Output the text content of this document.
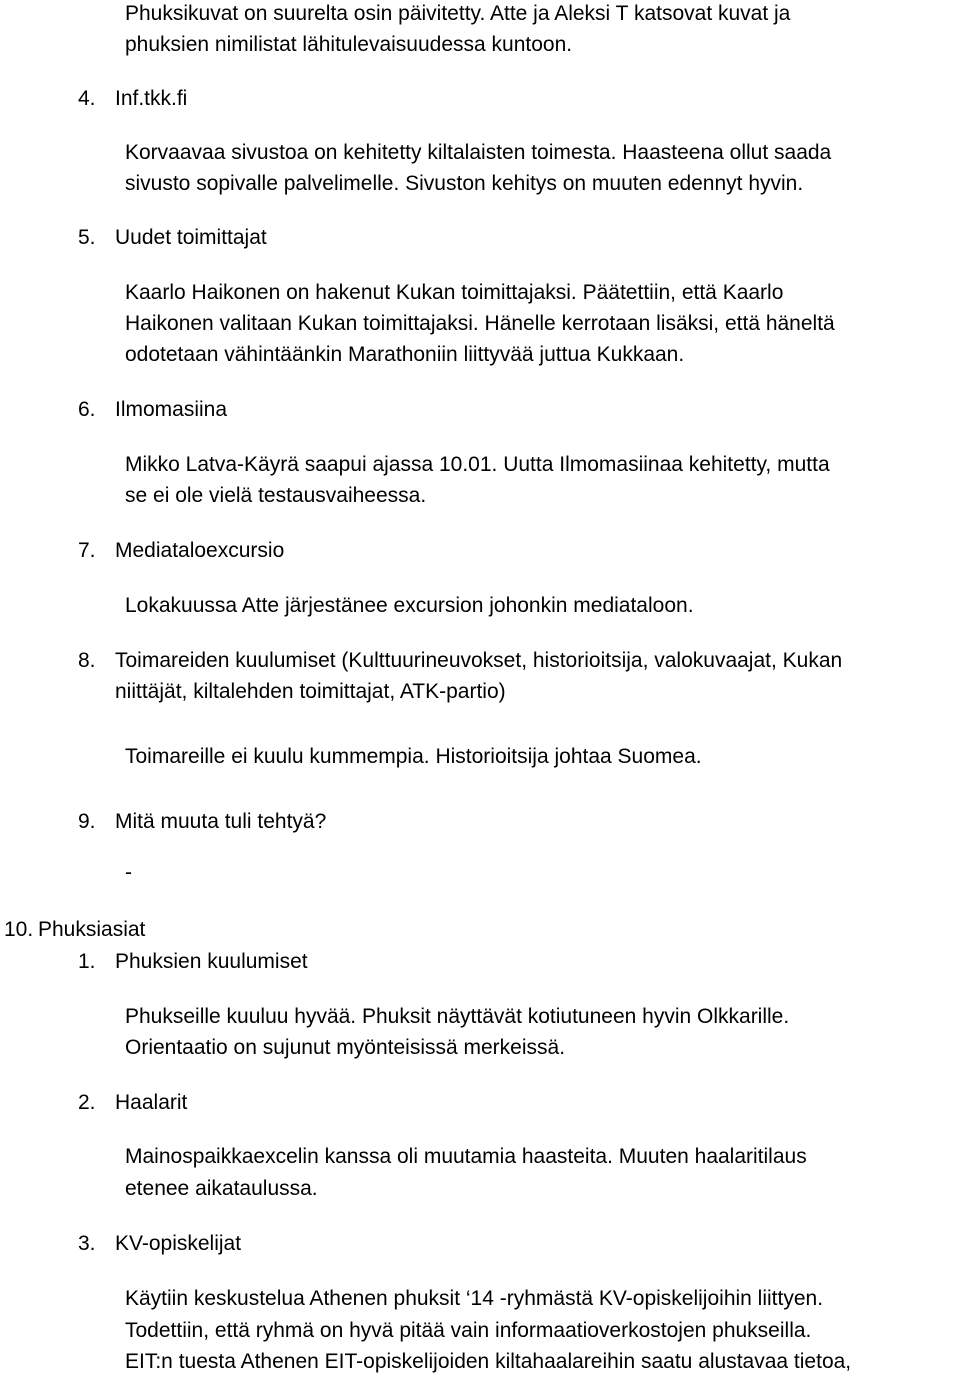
Phuksikuvat on suurelta osin päivitetty. Atte ja Aleksi T katsovat kuvat ja
phuksien nimilistat lähitulevaisuudessa kuntoon.
4. Inf.tkk.fi
Korvaavaa sivustoa on kehitetty kiltalaisten toimesta. Haasteena ollut saada
sivusto sopivalle palvelimelle. Sivuston kehitys on muuten edennyt hyvin.
5. Uudet toimittajat
Kaarlo Haikonen on hakenut Kukan toimittajaksi. Päätettiin, että Kaarlo
Haikonen valitaan Kukan toimittajaksi. Hänelle kerrotaan lisäksi, että häneltä
odotetaan vähintäänkin Marathoniin liittyvää juttua Kukkaan.
6. Ilmomasiina
Mikko Latva-Käyrä saapui ajassa 10.01. Uutta Ilmomasiinaa kehitetty, mutta
se ei ole vielä testausvaiheessa.
7. Mediataloexcursio
Lokakuussa Atte järjestänee excursion johonkin mediataloon.
8. Toimareiden kuulumiset (Kulttuurineuvokset, historioitsija, valokuvaajat, Kukan
niittäjät, kiltalehden toimittajat, ATK-partio)
Toimareille ei kuulu kummempia. Historioitsija johtaa Suomea.
9. Mitä muuta tuli tehtyä?
-
10. Phuksiasiat
1. Phuksien kuulumiset
Phukseille kuuluu hyvää. Phuksit näyttävät kotiutuneen hyvin Olkkarille.
Orientaatio on sujunut myönteisissä merkeissä.
2. Haalarit
Mainospaikkaexcelin kanssa oli muutamia haasteita. Muuten haalaritilaus
etenee aikataulussa.
3. KV-opiskelijat
Käytiin keskustelua Athenen phuksit ‘14 -ryhmästä KV-opiskelijoihin liittyen.
Todettiin, että ryhmä on hyvä pitää vain informaatioverkostojen phukseilla.
EIT:n tuesta Athenen EIT-opiskelijoiden kiltahaalareihin saatu alustavaa tietoa,
